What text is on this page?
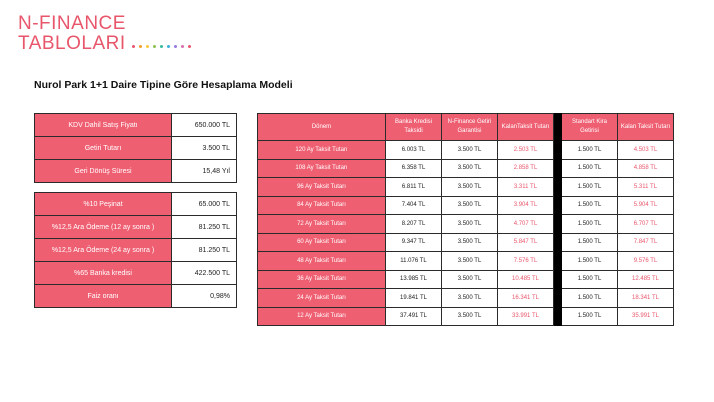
N-FINANCE
TABLOLARI
Nurol Park 1+1 Daire Tipine Göre Hesaplama Modeli
KDV Dahil Satış Fiyatı	650.000 TL
Getiri Tutarı	3.500 TL
Geri Dönüş Süresi	15,48 Yıl

%10 Peşinat	65.000 TL
%12,5 Ara Ödeme (12 ay sonra )	81.250 TL
%12,5 Ara Ödeme (24 ay sonra )	81.250 TL
%65 Banka kredisi	422.500 TL
Faiz oranı	0,98%
Dönem	Banka Kredisi Taksidi	N-Finance Getiri Garantisi	KalanTaksit Tutarı		Standart Kira Getirisi	Kalan Taksit Tutarı
120 Ay Taksit Tutarı	6.003 TL	3.500 TL	2.503 TL		1.500 TL	4.503 TL
108 Ay Taksit Tutarı	6.358 TL	3.500 TL	2.858 TL		1.500 TL	4.858 TL
96 Ay Taksit Tutarı	6.811 TL	3.500 TL	3.311 TL		1.500 TL	5.311 TL
84 Ay Taksit Tutarı	7.404 TL	3.500 TL	3.904 TL		1.500 TL	5.904 TL
72 Ay Taksit Tutarı	8.207 TL	3.500 TL	4.707 TL		1.500 TL	6.707 TL
60 Ay Taksit Tutarı	9.347 TL	3.500 TL	5.847 TL		1.500 TL	7.847 TL
48 Ay Taksit Tutarı	11.076 TL	3.500 TL	7.576 TL		1.500 TL	9.576 TL
36 Ay Taksit Tutarı	13.985 TL	3.500 TL	10.485 TL		1.500 TL	12.485 TL
24 Ay Taksit Tutarı	19.841 TL	3.500 TL	16.341 TL		1.500 TL	18.341 TL
12 Ay Taksit Tutarı	37.491 TL	3.500 TL	33.991 TL		1.500 TL	35.991 TL
